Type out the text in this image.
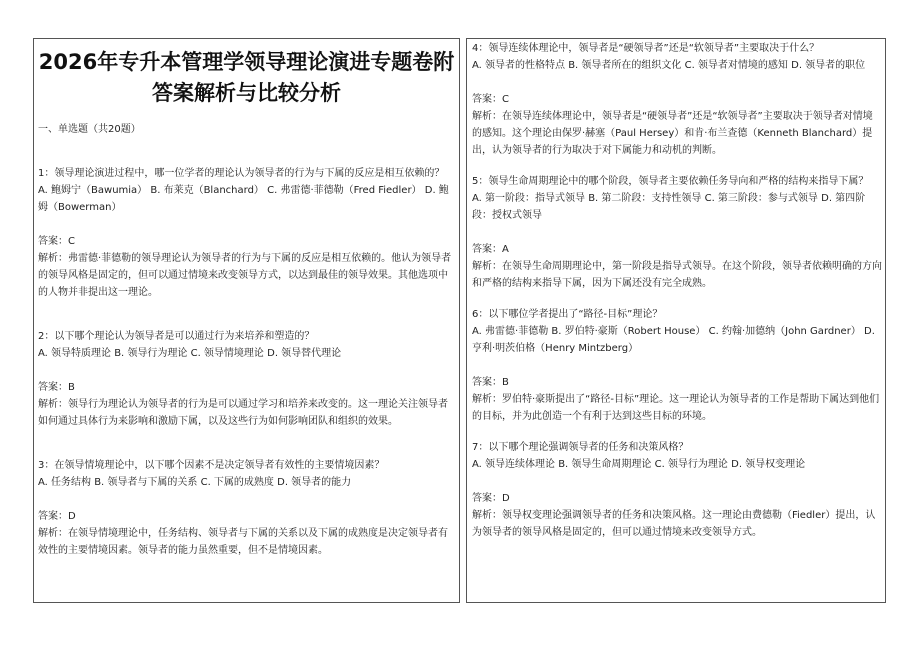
2026年专升本管理学领导理论演进专题卷附答案解析与比较分析
一、单选题（共20题）

1：领导理论演进过程中，哪一位学者的理论认为领导者的行为与下属的反应是相互依赖的？

A. 鲍姆宁（Bawumia） B. 布莱克（Blanchard） C. 弗雷德·菲德勒（Fred Fiedler） D. 鲍姆（Bowerman）

答案：C

解析：弗雷德·菲德勒的领导理论认为领导者的行为与下属的反应是相互依赖的。他认为领导者的领导风格是固定的，但可以通过情境来改变领导方式，以达到最佳的领导效果。其他选项中的人物并非提出这一理论。

2：以下哪个理论认为领导者是可以通过行为来培养和塑造的？

A. 领导特质理论 B. 领导行为理论 C. 领导情境理论 D. 领导替代理论

答案：B

解析：领导行为理论认为领导者的行为是可以通过学习和培养来改变的。这一理论关注领导者如何通过具体行为来影响和激励下属，以及这些行为如何影响团队和组织的效果。

3：在领导情境理论中，以下哪个因素不是决定领导者有效性的主要情境因素？

A. 任务结构 B. 领导者与下属的关系 C. 下属的成熟度 D. 领导者的能力

答案：D

解析：在领导情境理论中，任务结构、领导者与下属的关系以及下属的成熟度是决定领导者有效性的主要情境因素。领导者的能力虽然重要，但不是情境因素。

4：领导连续体理论中，领导者是“硬领导者”还是“软领导者”主要取决于什么？

A. 领导者的性格特点 B. 领导者所在的组织文化 C. 领导者对情境的感知 D. 领导者的职位

答案：C

解析：在领导连续体理论中，领导者是“硬领导者”还是“软领导者”主要取决于领导者对情境的感知。这个理论由保罗·赫塞（Paul Hersey）和肯·布兰查德（Kenneth Blanchard）提出，认为领导者的行为取决于对下属能力和动机的判断。

5：领导生命周期理论中的哪个阶段，领导者主要依赖任务导向和严格的结构来指导下属？

A. 第一阶段：指导式领导 B. 第二阶段：支持性领导 C. 第三阶段：参与式领导 D. 第四阶段：授权式领导

答案：A

解析：在领导生命周期理论中，第一阶段是指导式领导。在这个阶段，领导者依赖明确的方向和严格的结构来指导下属，因为下属还没有完全成熟。

6：以下哪位学者提出了“路径-目标”理论？

A. 弗雷德·菲德勒 B. 罗伯特·豪斯（Robert House） C. 约翰·加德纳（John Gardner） D. 亨利·明茨伯格（Henry Mintzberg）

答案：B

解析：罗伯特·豪斯提出了“路径-目标”理论。这一理论认为领导者的工作是帮助下属达到他们的目标，并为此创造一个有利于达到这些目标的环境。

7：以下哪个理论强调领导者的任务和决策风格？

A. 领导连续体理论 B. 领导生命周期理论 C. 领导行为理论 D. 领导权变理论

答案：D

解析：领导权变理论强调领导者的任务和决策风格。这一理论由费德勒（Fiedler）提出，认为领导者的领导风格是固定的，但可以通过情境来改变领导方式。
